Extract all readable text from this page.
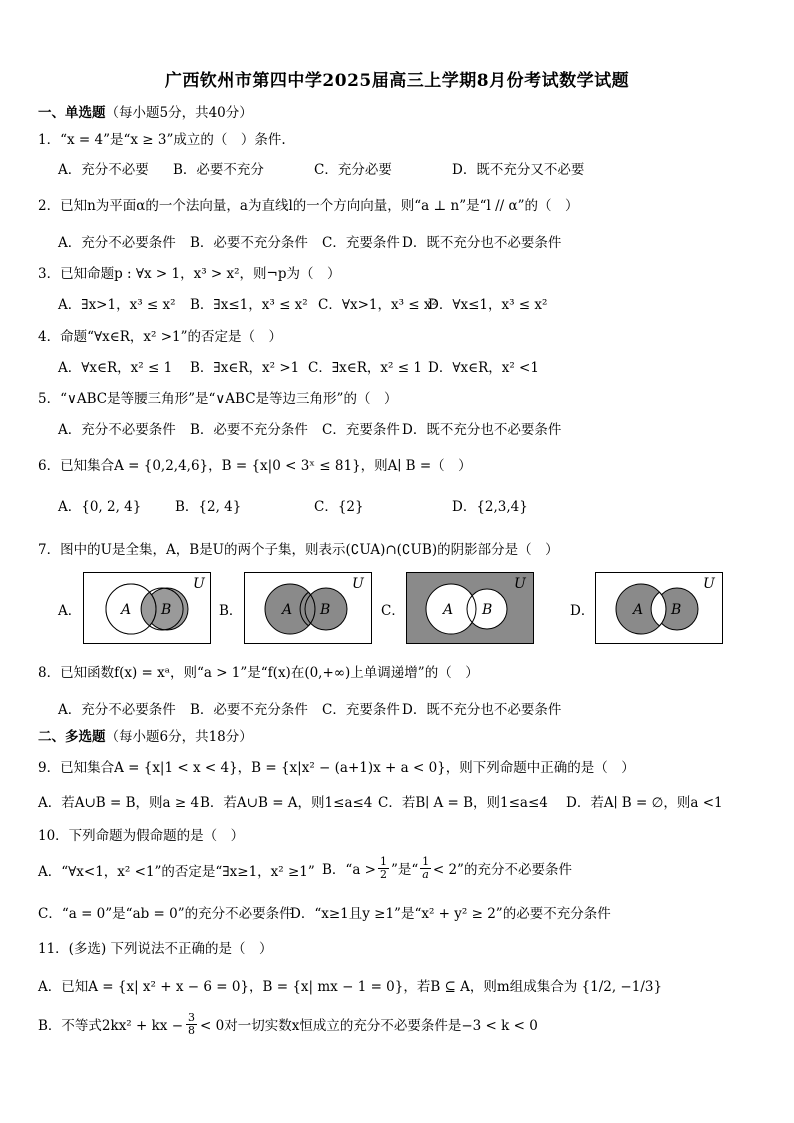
广西钦州市第四中学2025届高三上学期8月份考试数学试题
一、单选题（每小题5分，共40分）
1．“x = 4”是“x ≥ 3”成立的（　）条件.
A．充分不必要 B．必要不充分	C．充分必要	D．既不充分又不必要
2．已知n为平面α的一个法向量，a为直线l的一个方向向量，则“a ⊥ n”是“l // α”的（　）
A．充分不必要条件 B．必要不充分条件 C．充要条件 D．既不充分也不必要条件
3．已知命题p : ∀x > 1，x³ > x²，则¬p为（　）
A．∃x>1，x³ ≤ x² B．∃x≤1，x³ ≤ x² C．∀x>1，x³ ≤ x²
D．∀x≤1，x³ ≤ x²
4．命题“∀x∈R，x² >1”的否定是（　）
A．∀x∈R，x² ≤ 1 B．∃x∈R，x² >1 C．∃x∈R，x² ≤ 1 D．∀x∈R，x² <1
5．“∨ABC是等腰三角形”是“∨ABC是等边三角形”的（　）
A．充分不必要条件 B．必要不充分条件 C．充要条件 D．既不充分也不必要条件
6．已知集合A = {0,2,4,6}，B = {x|0 < 3ˣ ≤ 81}，则A∣ B =（　）
A．{0, 2, 4} B．{2, 4}	C．{2}	D．{2,3,4}
7．图中的U是全集，A，B是U的两个子集，则表示(∁UA)∩(∁UB)的阴影部分是（　）
A．	A B
U
B．	A B
U
C．	A B
U
D．	A B
U
8．已知函数f(x) = xᵃ，则“a > 1”是“f(x)在(0,+∞)上单调递增”的（　）
A．充分不必要条件 B．必要不充分条件 C．充要条件 D．既不充分也不必要条件
二、多选题（每小题6分，共18分）
9．已知集合A = {x|1 < x < 4}，B = {x|x² − (a+1)x + a < 0}，则下列命题中正确的是（　）
A．若A∪B = B，则a ≥ 4 B．若A∪B = A，则1≤a≤4 C．若B∣ A = B，则1≤a≤4 D．若A∣ B = ∅，则a <1
10．下列命题为假命题的是（　）
A．“∀x<1，x² <1”的否定是“∃x≥1，x² ≥1” B．“$a > \frac{1}{2}$ ”是“ $\frac{1}{a} < 2$”的充分不必要条件
C．“a = 0”是“ab = 0”的充分不必要条件
D．“x≥1且y ≥1”是“x² + y² ≥ 2”的必要不充分条件
11．(多选) 下列说法不正确的是（　）
A．已知A = {x| x² + x − 6 = 0}，B = {x| mx − 1 = 0}，若B ⊆ A，则m组成集合为 {1/2, −1/3}
B．不等式2kx² + kx − $\frac{3}{8} < 0$对一切实数x恒成立的充分不必要条件是−3 < k < 0
